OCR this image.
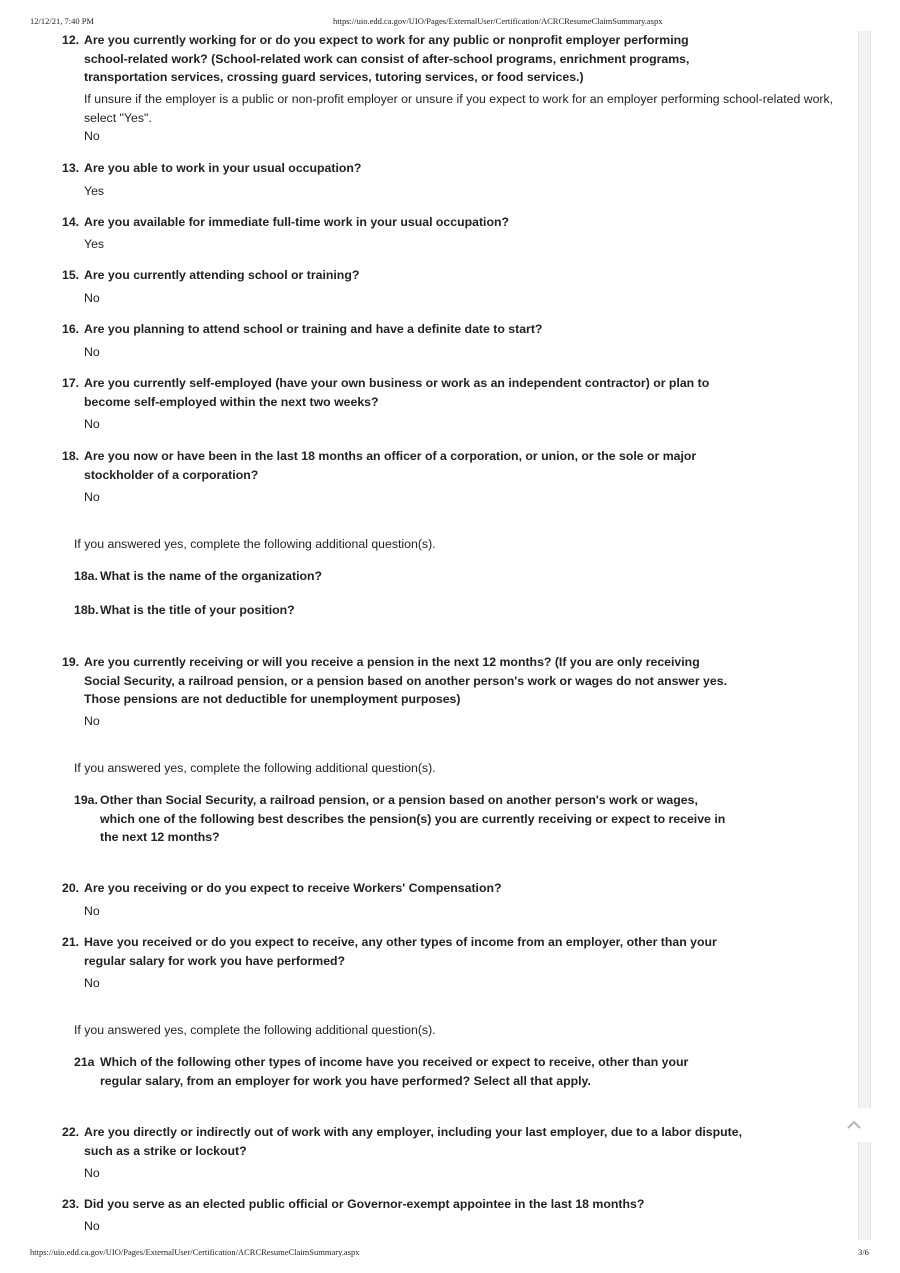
12/12/21, 7:40 PM	https://uio.edd.ca.gov/UIO/Pages/ExternalUser/Certification/ACRCResumeClaimSummary.aspx
12. Are you currently working for or do you expect to work for any public or nonprofit employer performing school-related work? (School-related work can consist of after-school programs, enrichment programs, transportation services, crossing guard services, tutoring services, or food services.)
If unsure if the employer is a public or non-profit employer or unsure if you expect to work for an employer performing school-related work, select "Yes".
No
13. Are you able to work in your usual occupation?
Yes
14. Are you available for immediate full-time work in your usual occupation?
Yes
15. Are you currently attending school or training?
No
16. Are you planning to attend school or training and have a definite date to start?
No
17. Are you currently self-employed (have your own business or work as an independent contractor) or plan to become self-employed within the next two weeks?
No
18. Are you now or have been in the last 18 months an officer of a corporation, or union, or the sole or major stockholder of a corporation?
No
If you answered yes, complete the following additional question(s).
18a. What is the name of the organization?
18b. What is the title of your position?
19. Are you currently receiving or will you receive a pension in the next 12 months? (If you are only receiving Social Security, a railroad pension, or a pension based on another person's work or wages do not answer yes. Those pensions are not deductible for unemployment purposes)
No
If you answered yes, complete the following additional question(s).
19a. Other than Social Security, a railroad pension, or a pension based on another person's work or wages, which one of the following best describes the pension(s) you are currently receiving or expect to receive in the next 12 months?
20. Are you receiving or do you expect to receive Workers' Compensation?
No
21. Have you received or do you expect to receive, any other types of income from an employer, other than your regular salary for work you have performed?
No
If you answered yes, complete the following additional question(s).
21a Which of the following other types of income have you received or expect to receive, other than your regular salary, from an employer for work you have performed? Select all that apply.
22. Are you directly or indirectly out of work with any employer, including your last employer, due to a labor dispute, such as a strike or lockout?
No
23. Did you serve as an elected public official or Governor-exempt appointee in the last 18 months?
No
https://uio.edd.ca.gov/UIO/Pages/ExternalUser/Certification/ACRCResumeClaimSummary.aspx	3/6
